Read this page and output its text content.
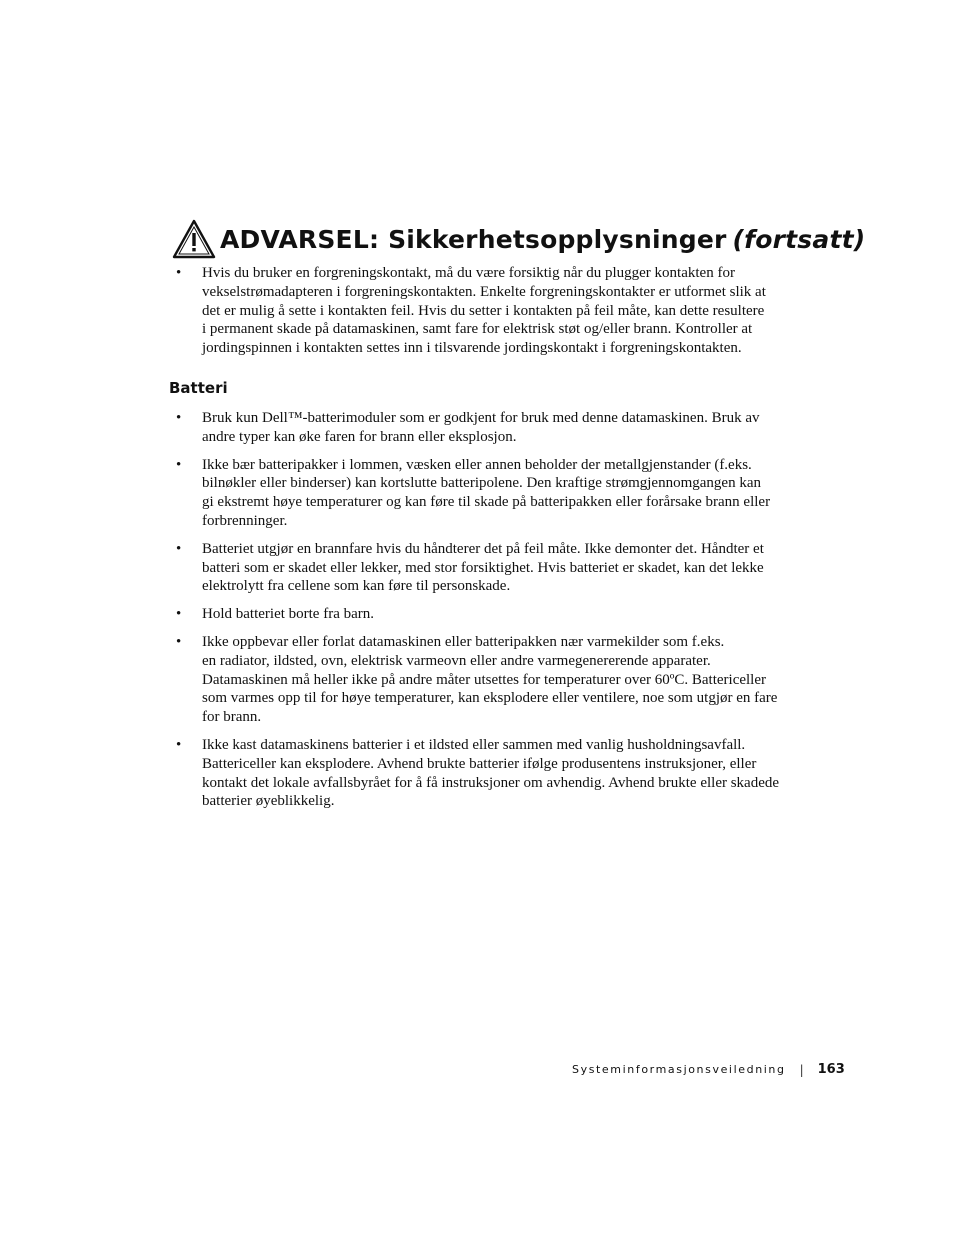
ADVARSEL: Sikkerhetsopplysninger (fortsatt)
• Hvis du bruker en forgreningskontakt, må du være forsiktig når du plugger kontakten for
vekselstrømadapteren i forgreningskontakten. Enkelte forgreningskontakter er utformet slik at
det er mulig å sette i kontakten feil. Hvis du setter i kontakten på feil måte, kan dette resultere
i permanent skade på datamaskinen, samt fare for elektrisk støt og/eller brann. Kontroller at
jordingspinnen i kontakten settes inn i tilsvarende jordingskontakt i forgreningskontakten.
Batteri
• Bruk kun Dell™-batterimoduler som er godkjent for bruk med denne datamaskinen. Bruk av
andre typer kan øke faren for brann eller eksplosjon.
• Ikke bær batteripakker i lommen, væsken eller annen beholder der metallgjenstander (f.eks.
bilnøkler eller binderser) kan kortslutte batteripolene. Den kraftige strømgjennomgangen kan
gi ekstremt høye temperaturer og kan føre til skade på batteripakken eller forårsake brann eller
forbrenninger.
• Batteriet utgjør en brannfare hvis du håndterer det på feil måte. Ikke demonter det. Håndter et
batteri som er skadet eller lekker, med stor forsiktighet. Hvis batteriet er skadet, kan det lekke
elektrolytt fra cellene som kan føre til personskade.
• Hold batteriet borte fra barn.
• Ikke oppbevar eller forlat datamaskinen eller batteripakken nær varmekilder som f.eks.
en radiator, ildsted, ovn, elektrisk varmeovn eller andre varmegenererende apparater.
Datamaskinen må heller ikke på andre måter utsettes for temperaturer over 60ºC. Battericeller
som varmes opp til for høye temperaturer, kan eksplodere eller ventilere, noe som utgjør en fare
for brann.
• Ikke kast datamaskinens batterier i et ildsted eller sammen med vanlig husholdningsavfall.
Battericeller kan eksplodere. Avhend brukte batterier ifølge produsentens instruksjoner, eller
kontakt det lokale avfallsbyrået for å få instruksjoner om avhendig. Avhend brukte eller skadede
batterier øyeblikkelig.
Systeminformasjonsveiledning | 163
